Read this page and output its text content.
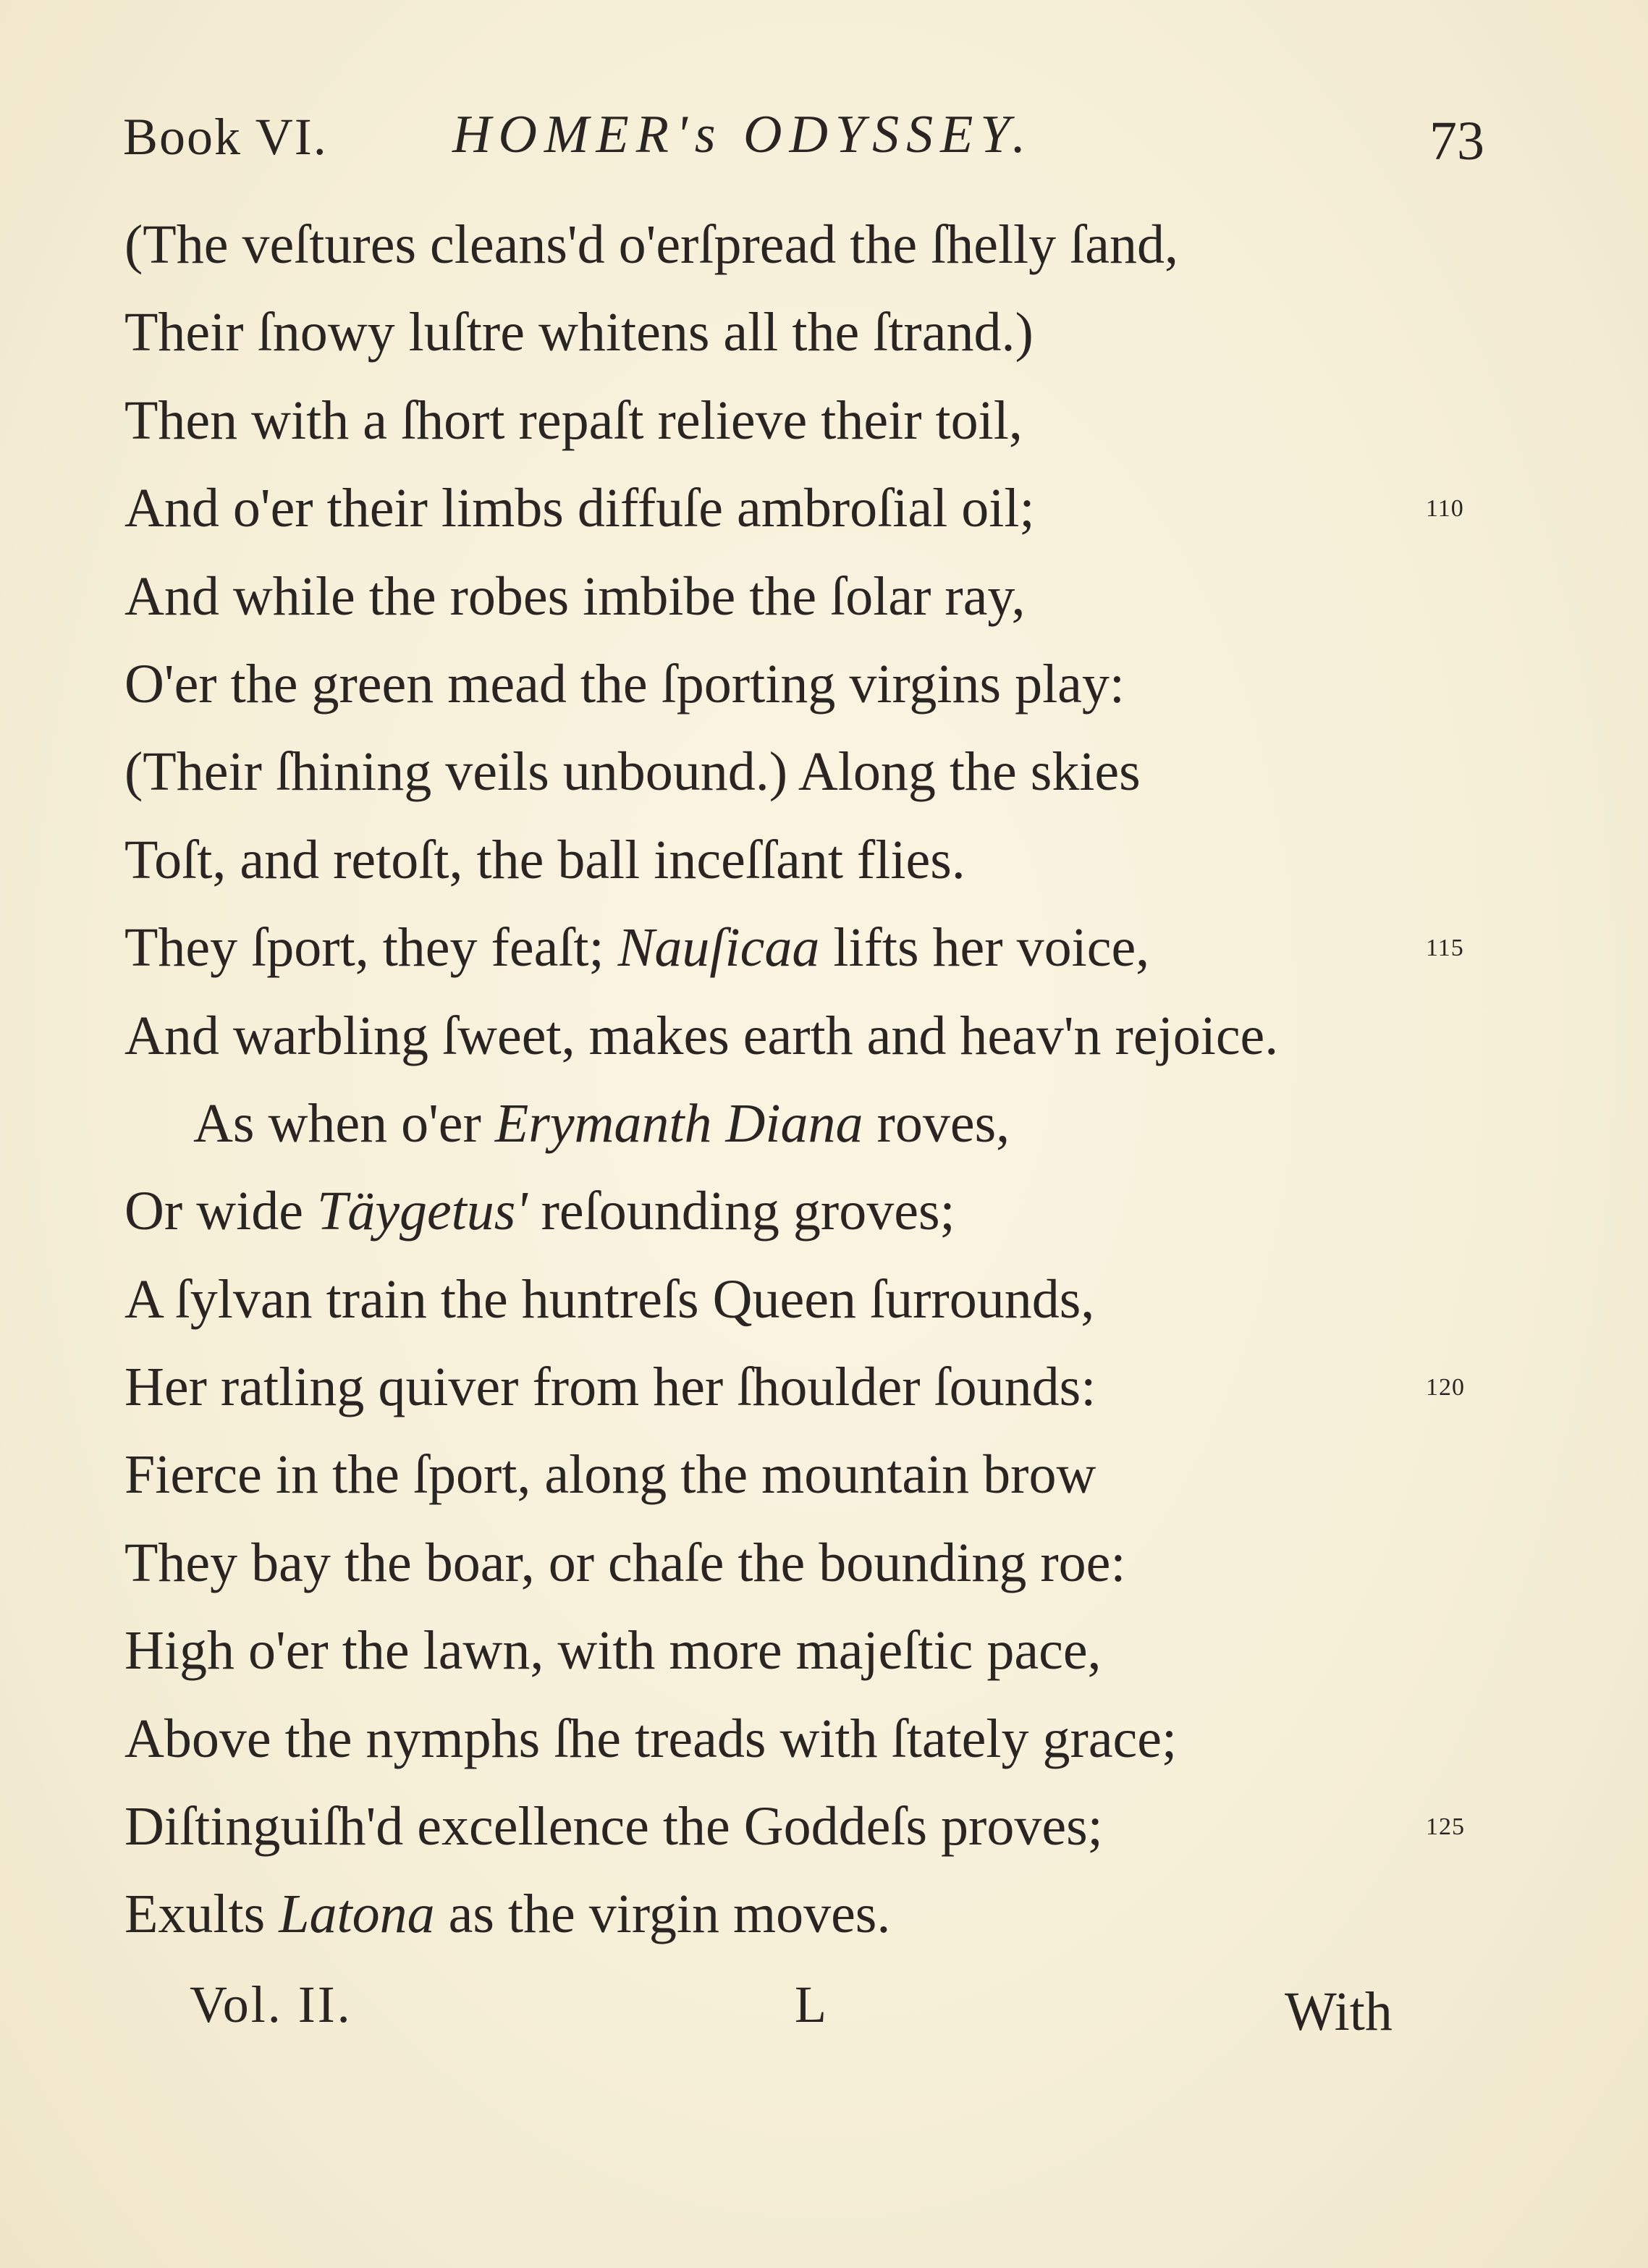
Book VI. HOMER's ODYSSEY.	73
(The veſtures cleans'd o'erſpread the ſhelly ſand,
Their ſnowy luſtre whitens all the ſtrand.)
Then with a ſhort repaſt relieve their toil,
And o'er their limbs diffuſe ambroſial oil;	110
And while the robes imbibe the ſolar ray,
O'er the green mead the ſporting virgins play:
(Their ſhining veils unbound.) Along the skies
Toſt, and retoſt, the ball inceſſant flies.
They ſport, they feaſt; Nauſicaa lifts her voice,	115
And warbling ſweet, makes earth and heav'n rejoice.
As when o'er Erymanth Diana roves,
Or wide Täygetus' reſounding groves;
A ſylvan train the huntreſs Queen ſurrounds,
Her ratling quiver from her ſhoulder ſounds:	120
Fierce in the ſport, along the mountain brow
They bay the boar, or chaſe the bounding roe:
High o'er the lawn, with more majeſtic pace,
Above the nymphs ſhe treads with ſtately grace;
Diſtinguiſh'd excellence the Goddeſs proves;	125
Exults Latona as the virgin moves.
Vol. II.	L	With
